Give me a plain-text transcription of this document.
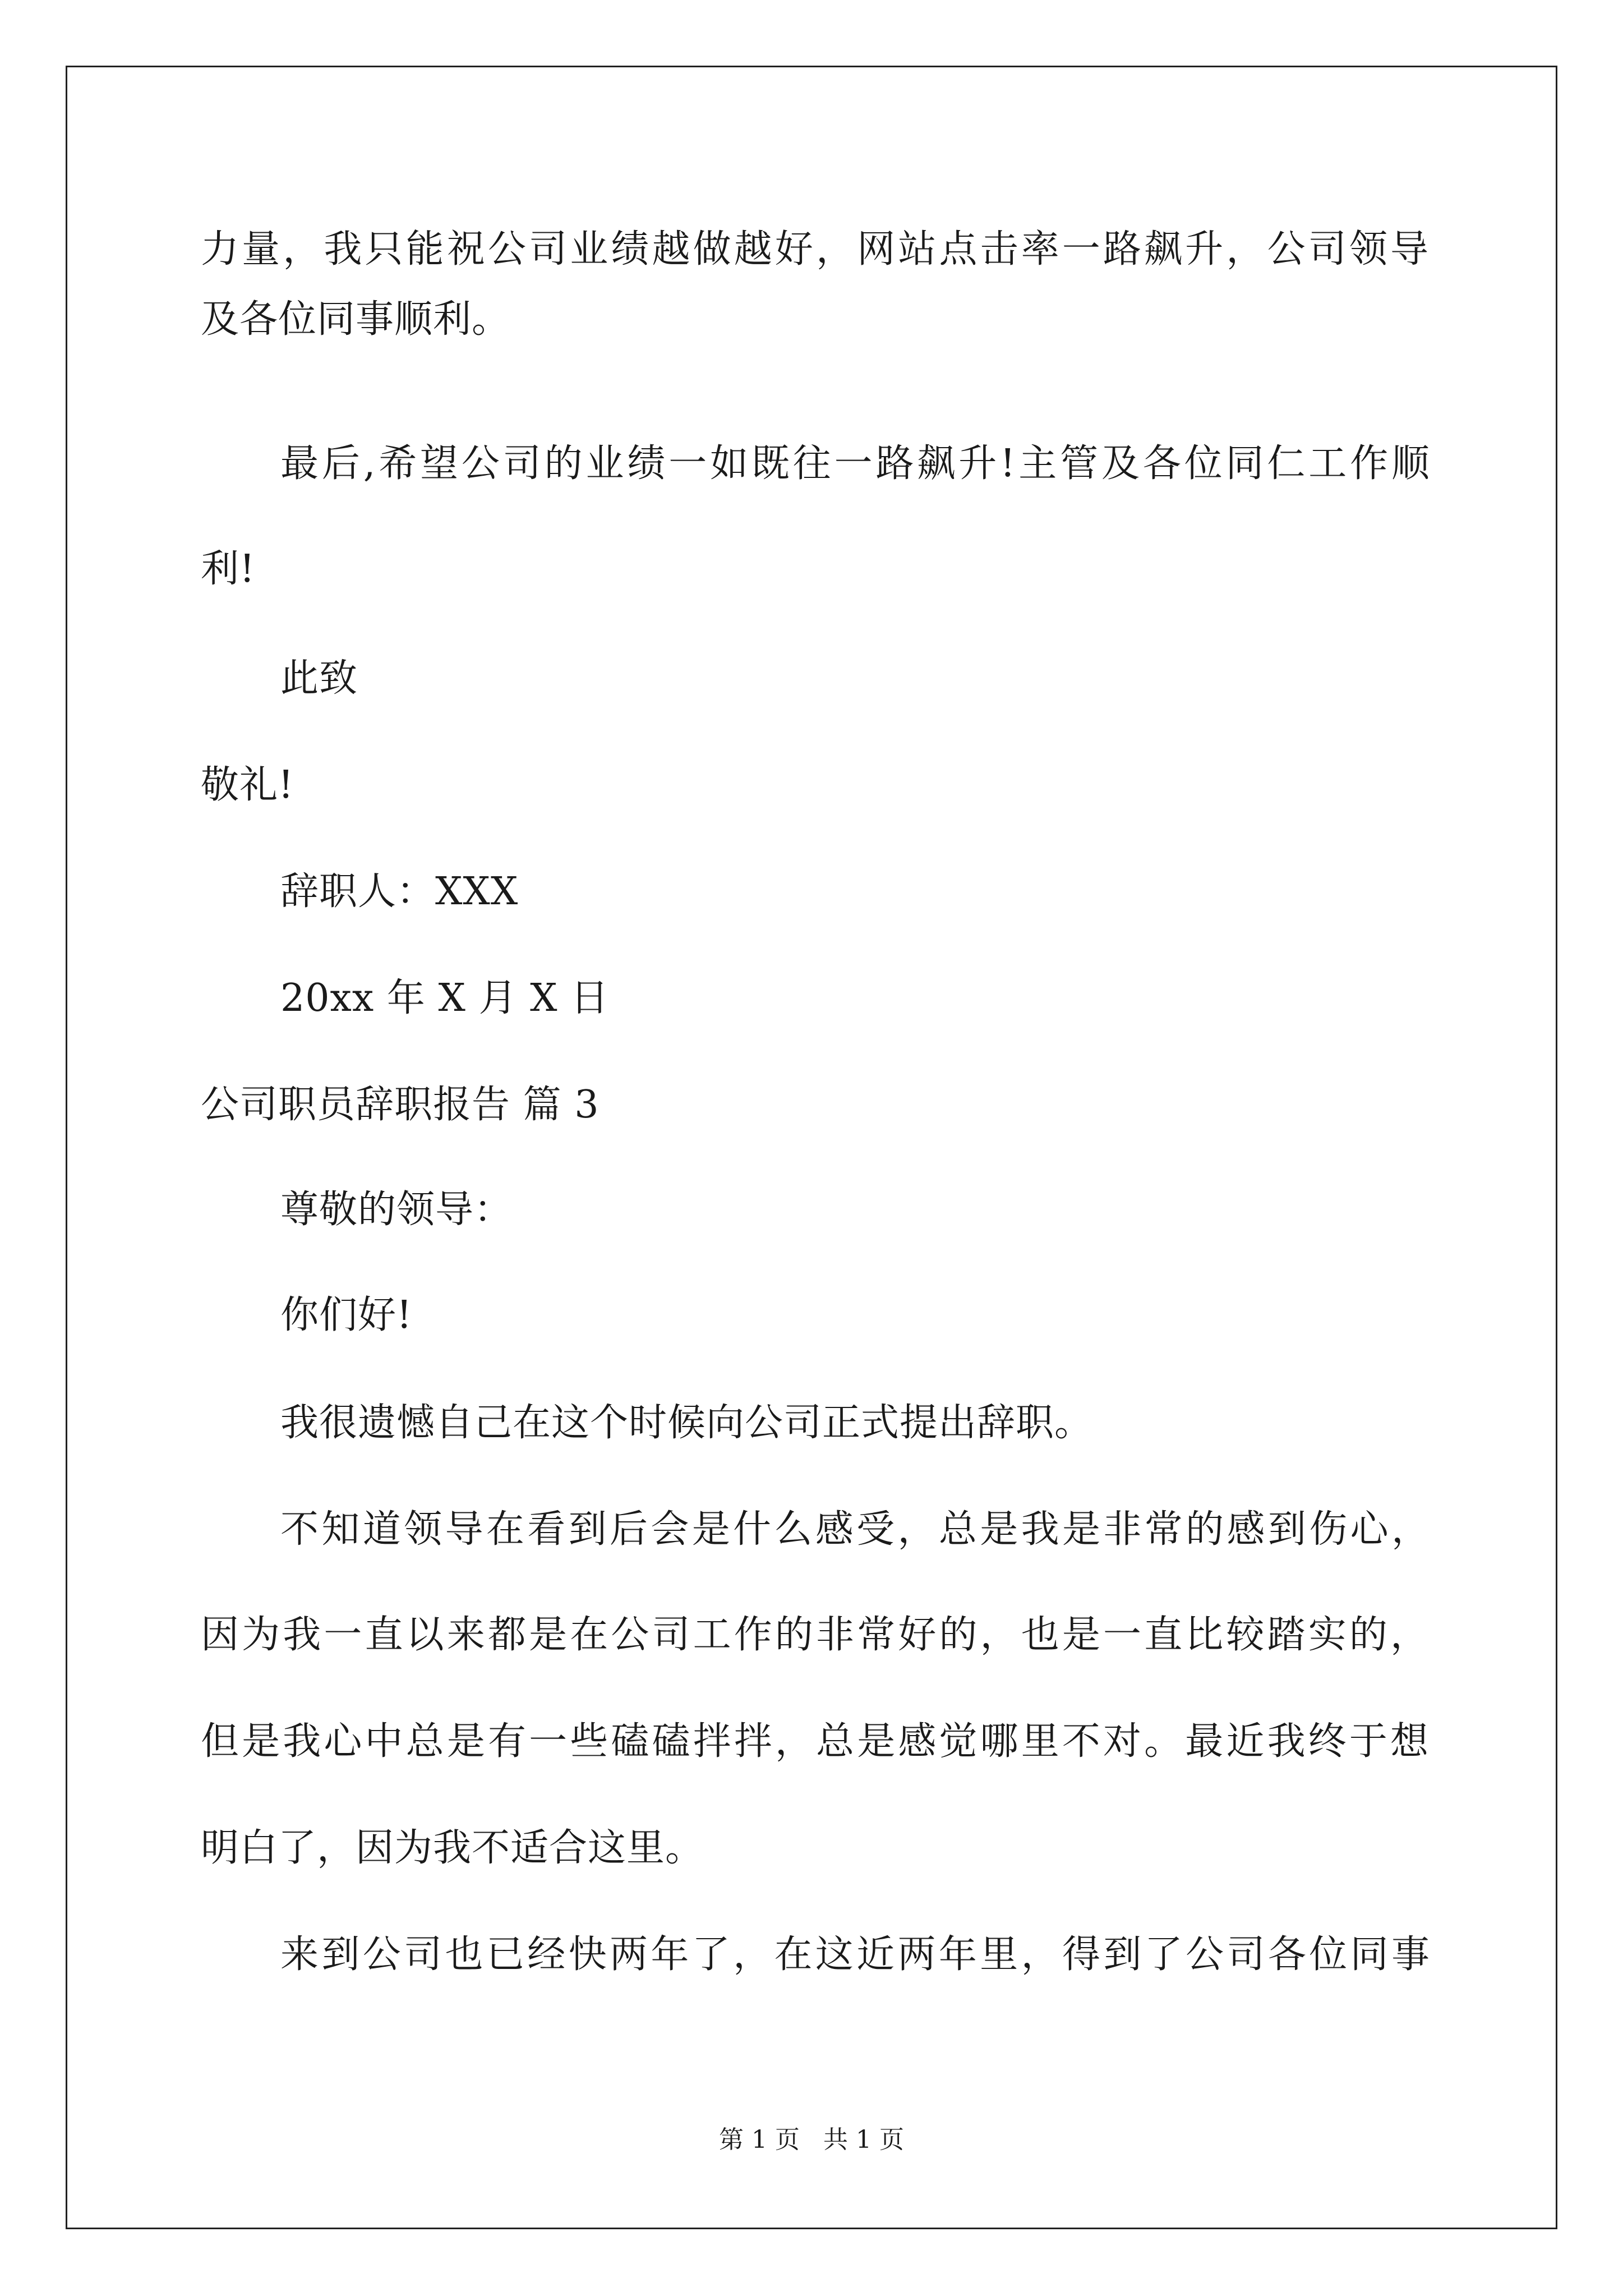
力量，我只能祝公司业绩越做越好，网站点击率一路飙升，公司领导
及各位同事顺利。
最后,希望公司的业绩一如既往一路飙升!主管及各位同仁工作顺
利!
此致
敬礼!
辞职人：XXX
20xx 年 X 月 X 日
公司职员辞职报告 篇 3
尊敬的领导：
你们好!
我很遗憾自己在这个时候向公司正式提出辞职。
不知道领导在看到后会是什么感受，总是我是非常的感到伤心，
因为我一直以来都是在公司工作的非常好的，也是一直比较踏实的，
但是我心中总是有一些磕磕拌拌，总是感觉哪里不对。最近我终于想
明白了，因为我不适合这里。
来到公司也已经快两年了，在这近两年里，得到了公司各位同事
第 1 页   共 1 页
